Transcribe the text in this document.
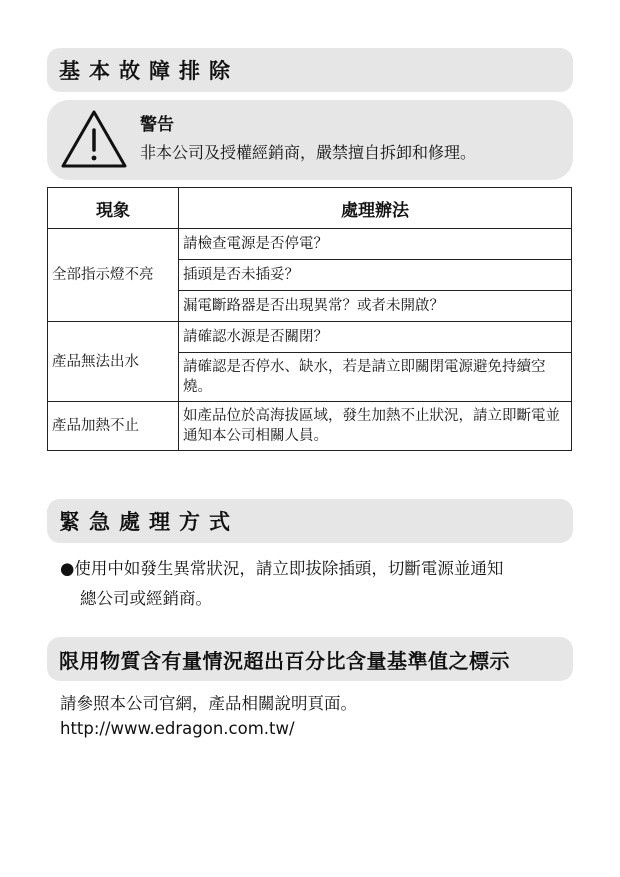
基本故障排除
警告
非本公司及授權經銷商，嚴禁擅自拆卸和修理。
現象	處理辦法
全部指示燈不亮	請檢查電源是否停電？
	插頭是否未插妥？
	漏電斷路器是否出現異常？或者未開啟？
產品無法出水	請確認水源是否關閉？
	請確認是否停水、缺水，若是請立即關閉電源避免持續空燒。
產品加熱不止	如產品位於高海拔區域，發生加熱不止狀況，請立即斷電並通知本公司相關人員。
緊急處理方式
●使用中如發生異常狀況，請立即拔除插頭，切斷電源並通知
總公司或經銷商。
限用物質含有量情況超出百分比含量基準值之標示
請參照本公司官網，產品相關說明頁面。
http://www.edragon.com.tw/
